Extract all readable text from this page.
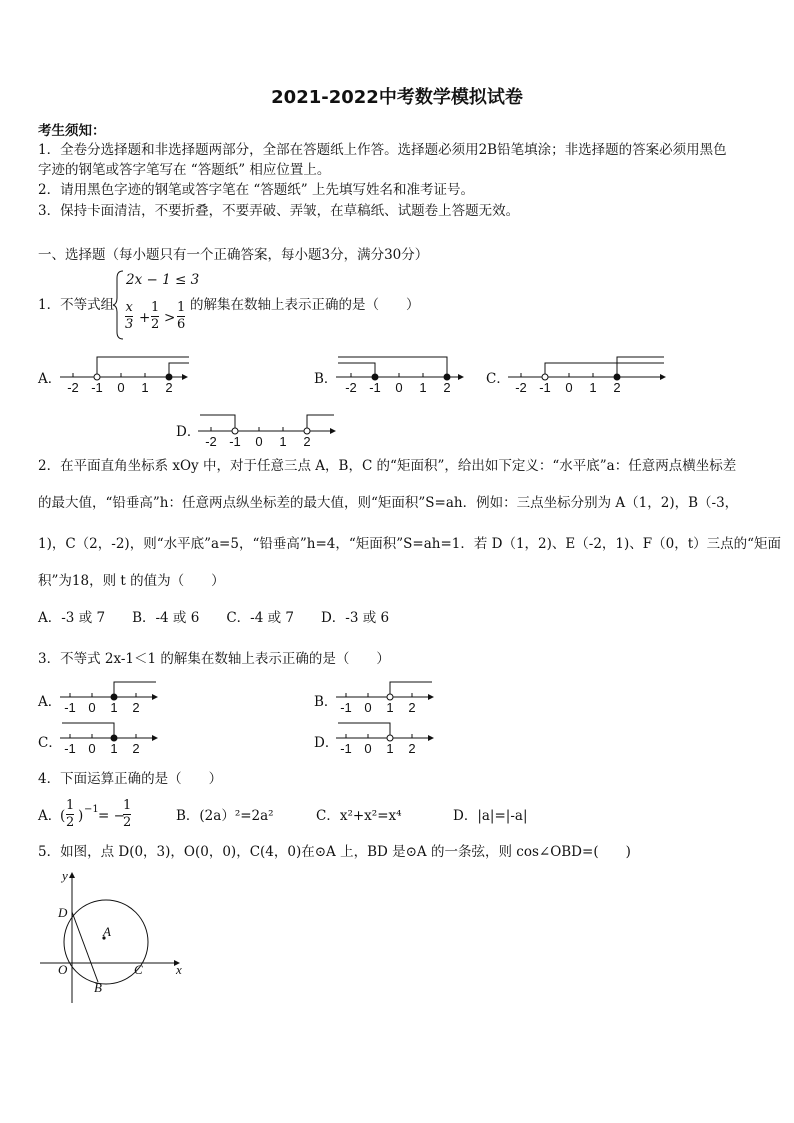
2021-2022中考数学模拟试卷
考生须知：
1．全卷分选择题和非选择题两部分，全部在答题纸上作答。选择题必须用2B铅笔填涂；非选择题的答案必须用黑色
字迹的钢笔或答字笔写在 “答题纸” 相应位置上。
2．请用黑色字迹的钢笔或答字笔在 “答题纸” 上先填写姓名和准考证号。
3．保持卡面清洁，不要折叠，不要弄破、弄皱，在草稿纸、试题卷上答题无效。
一、选择题（每小题只有一个正确答案，每小题3分，满分30分）
1．不等式组
2x − 1 ≤ 3
$\frac{x}{3} + \frac{1}{2} > \frac{1}{6}$ 的解集在数轴上表示正确的是（　　）
A．
-2 -1 0 1 2
B．
-2 -1 0 1 2
C．
-2 -1 0 1 2
D．
-2 -1 0 1 2
2．在平面直角坐标系 xOy 中，对于任意三点 A，B，C 的“矩面积”，给出如下定义：“水平底”a：任意两点横坐标差
的最大值，“铅垂高”h：任意两点纵坐标差的最大值，则“矩面积”S=ah．例如：三点坐标分别为 A（1，2)，B（-3，
1)，C（2，-2)，则“水平底”a=5，“铅垂高”h=4，“矩面积”S=ah=1．若 D（1，2)、E（-2，1)、F（0，t）三点的“矩面
积”为18，则 t 的值为（　　）
A．-3 或 7　　B．-4 或 6　　C．-4 或 7　　D．-3 或 6
3．不等式 2x-1＜1 的解集在数轴上表示正确的是（　　）
A． -1 0 1 2	B． -1 0 1 2
C． -1 0 1 2	D． -1 0 1 2
4．下面运算正确的是（　　）
A．
( $\frac{1}{2}$ ) −1 = −
$\frac{1}{2}$	B．(2a）²=2a²	C．x²+x²=x⁴	D．|a|=|-a|
5．如图，点 D(0，3)，O(0，0)，C(4，0)在⊙A 上，BD 是⊙A 的一条弦，则 cos∠OBD=(　　)
y
x
D
A
O	C
B
